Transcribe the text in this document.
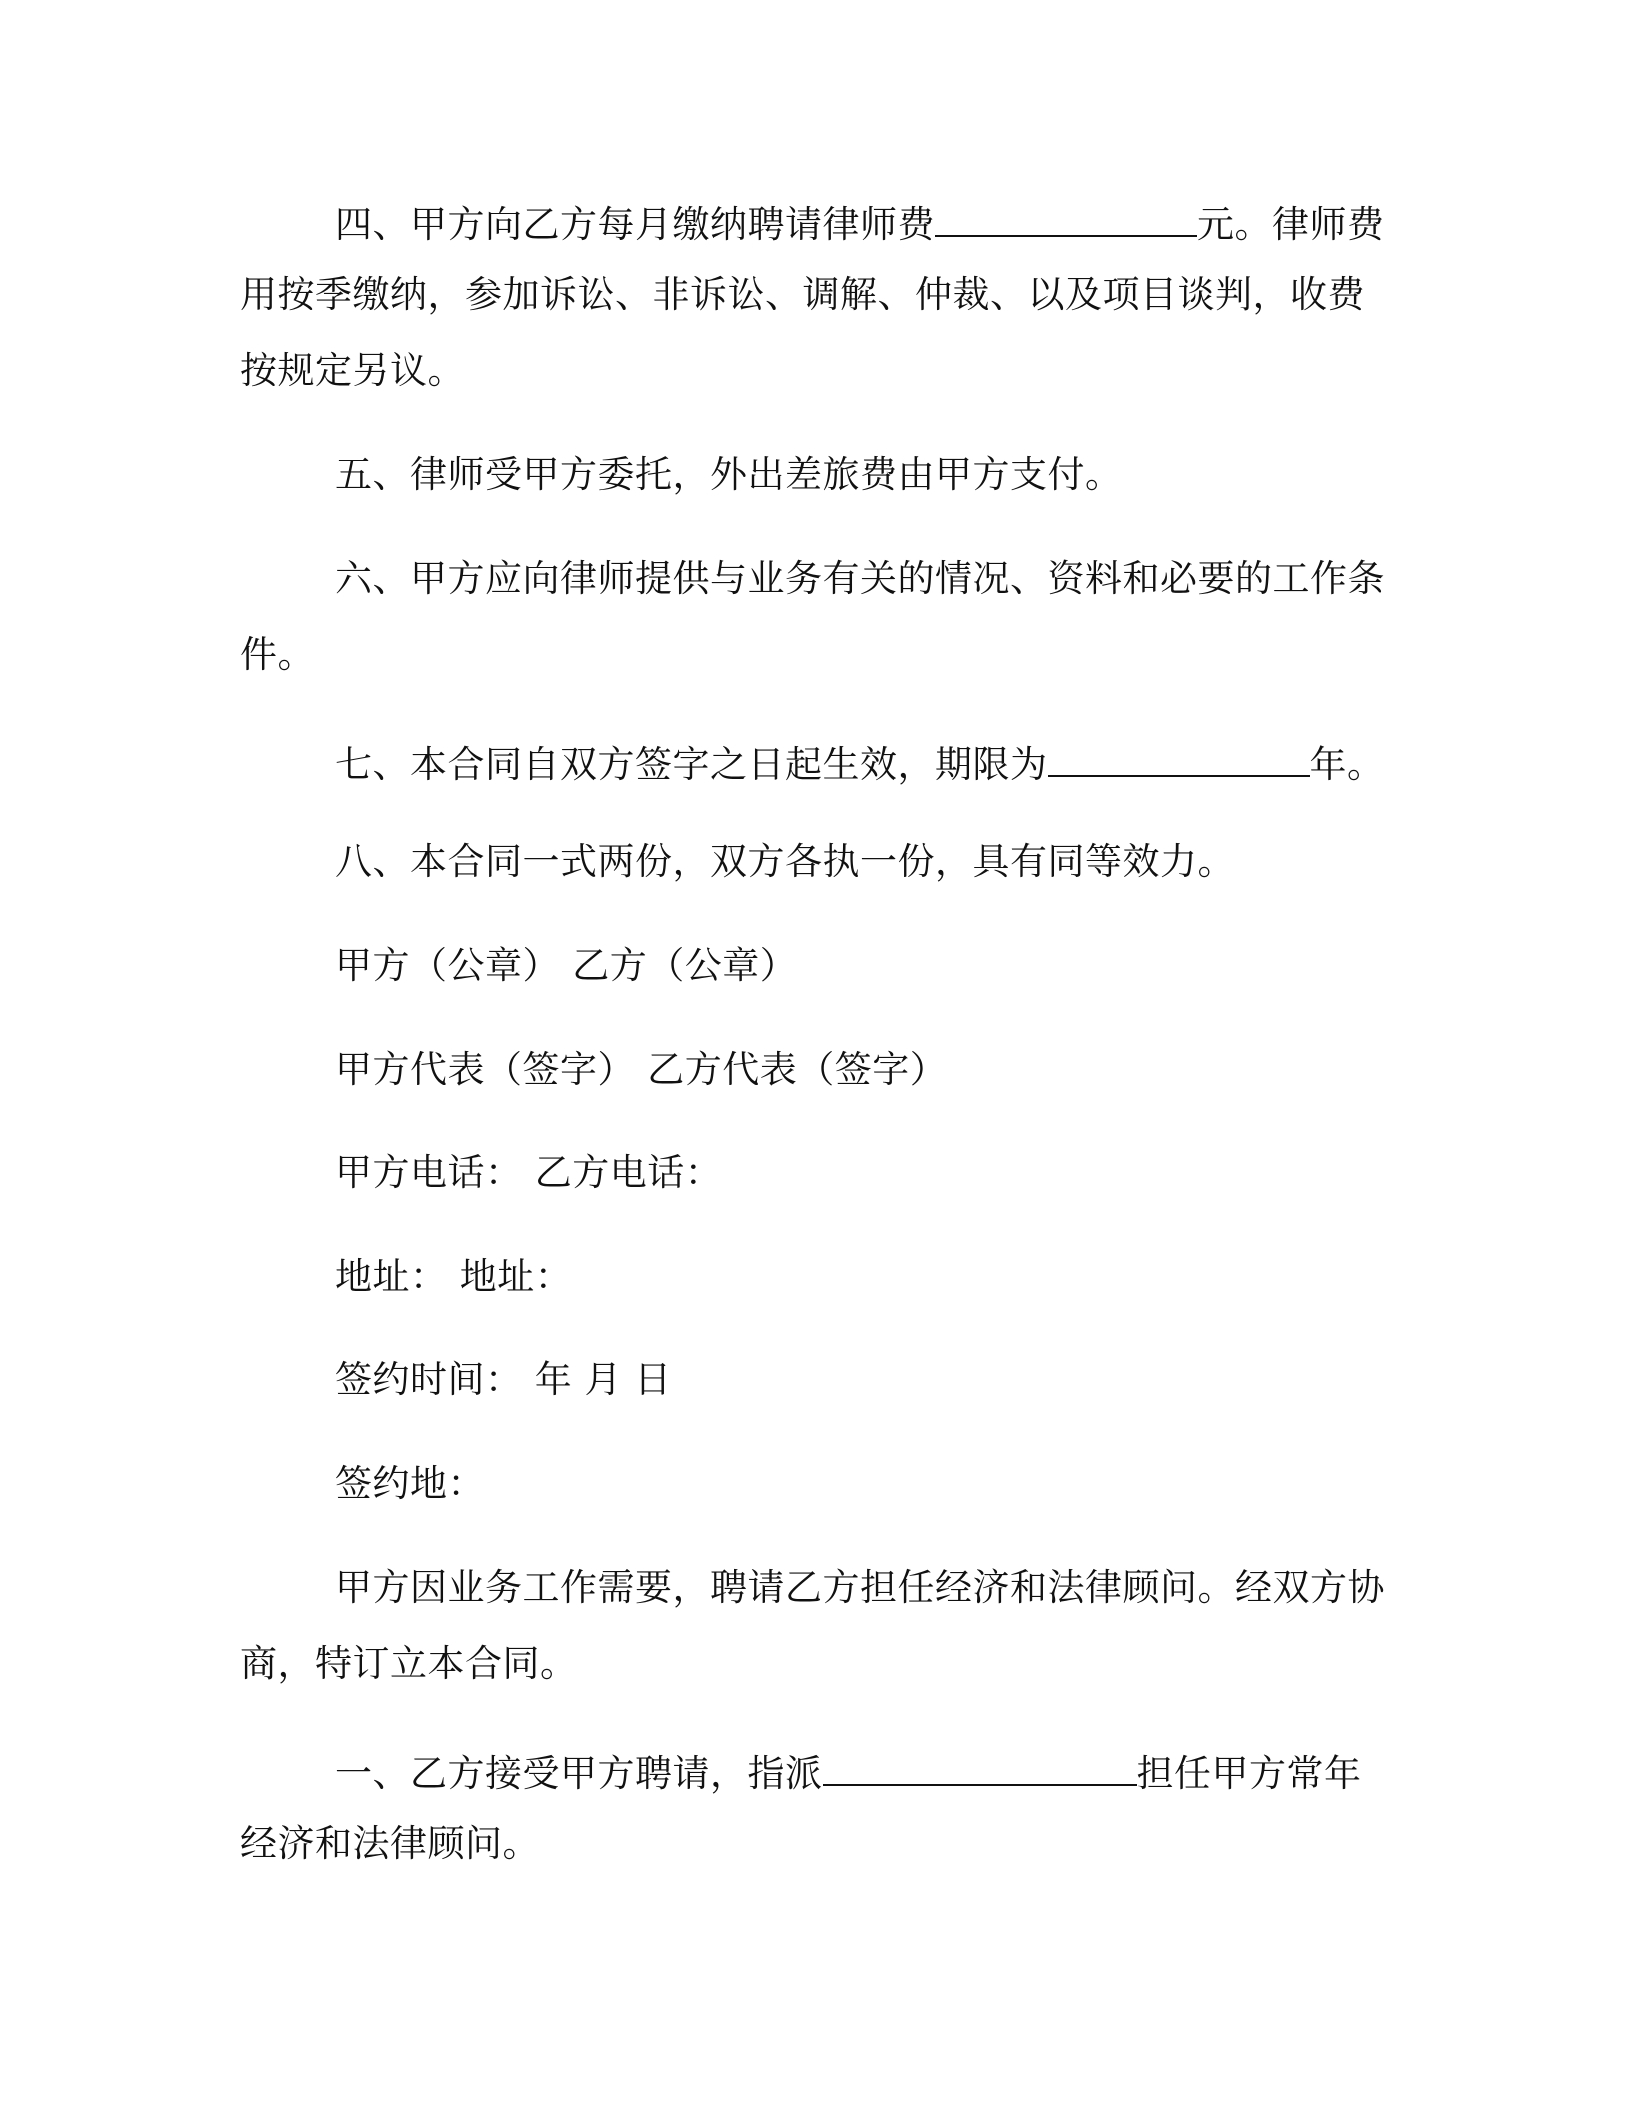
四、甲方向乙方每月缴纳聘请律师费	元。律师费
用按季缴纳，参加诉讼、非诉讼、调解、仲裁、以及项目谈判，收费
按规定另议。
五、律师受甲方委托，外出差旅费由甲方支付。
六、甲方应向律师提供与业务有关的情况、资料和必要的工作条
件。
七、本合同自双方签字之日起生效，期限为	年。
八、本合同一式两份，双方各执一份，具有同等效力。
甲方（公章） 乙方（公章）
甲方代表（签字） 乙方代表（签字）
甲方电话： 乙方电话：
地址： 地址：
签约时间： 年 月 日
签约地：
甲方因业务工作需要，聘请乙方担任经济和法律顾问。经双方协
商，特订立本合同。
一、乙方接受甲方聘请，指派	担任甲方常年
经济和法律顾问。
